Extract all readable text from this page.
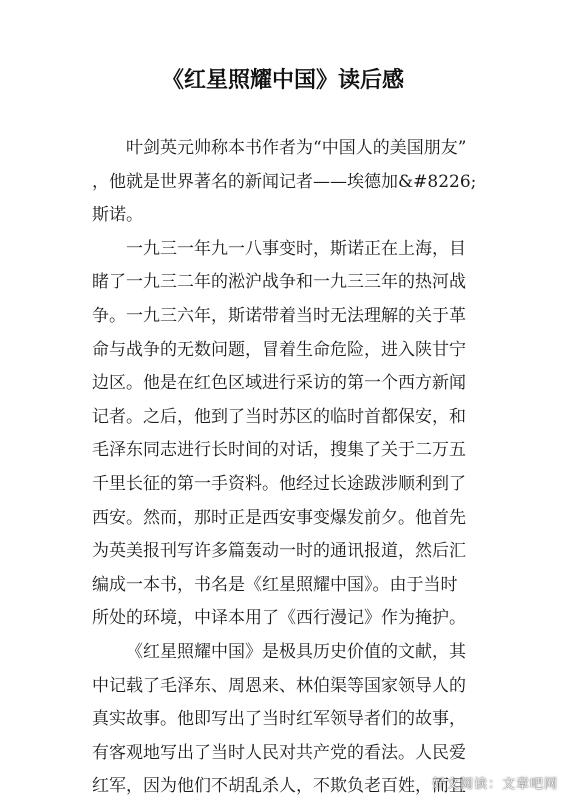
《红星照耀中国》读后感

叶剑英元帅称本书作者为“中国人的美国朋友”
，他就是世界著名的新闻记者——埃德加&#8226;
斯诺。

一九三一年九一八事变时，斯诺正在上海，目
睹了一九三二年的淞沪战争和一九三三年的热河战
争。一九三六年，斯诺带着当时无法理解的关于革
命与战争的无数问题，冒着生命危险，进入陕甘宁
边区。他是在红色区域进行采访的第一个西方新闻
记者。之后，他到了当时苏区的临时首都保安，和
毛泽东同志进行长时间的对话，搜集了关于二万五
千里长征的第一手资料。他经过长途跋涉顺利到了
西安。然而，那时正是西安事变爆发前夕。他首先
为英美报刊写许多篇轰动一时的通讯报道，然后汇
编成一本书，书名是《红星照耀中国》。由于当时
所处的环境，中译本用了《西行漫记》作为掩护。

《红星照耀中国》是极具历史价值的文献，其
中记载了毛泽东、周恩来、林伯渠等国家领导人的
真实故事。他即写出了当时红军领导者们的故事，
有客观地写出了当时人民对共产党的看法。人民爱
红军，因为他们不胡乱杀人，不欺负老百姓，而且

好文阅读：文章吧网
